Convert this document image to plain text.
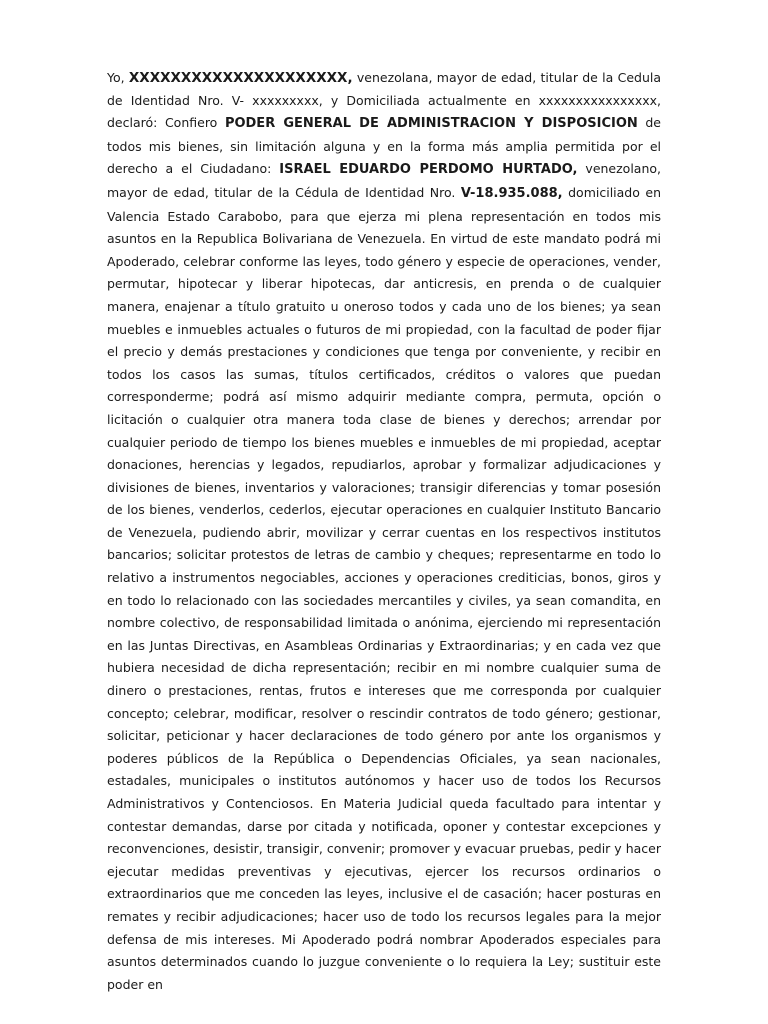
Yo, XXXXXXXXXXXXXXXXXXXXX, venezolana, mayor de edad, titular de la Cedula de Identidad Nro. V- xxxxxxxxx, y Domiciliada actualmente en xxxxxxxxxxxxxxxx, declaró: Confiero PODER GENERAL DE ADMINISTRACION Y DISPOSICION de todos mis bienes, sin limitación alguna y en la forma más amplia permitida por el derecho a el Ciudadano: ISRAEL EDUARDO PERDOMO HURTADO, venezolano, mayor de edad, titular de la Cédula de Identidad Nro. V-18.935.088, domiciliado en Valencia Estado Carabobo, para que ejerza mi plena representación en todos mis asuntos en la Republica Bolivariana de Venezuela. En virtud de este mandato podrá mi Apoderado, celebrar conforme las leyes, todo género y especie de operaciones, vender, permutar, hipotecar y liberar hipotecas, dar anticresis, en prenda o de cualquier manera, enajenar a título gratuito u oneroso todos y cada uno de los bienes; ya sean muebles e inmuebles actuales o futuros de mi propiedad, con la facultad de poder fijar el precio y demás prestaciones y condiciones que tenga por conveniente, y recibir en todos los casos las sumas, títulos certificados, créditos o valores que puedan corresponderme; podrá así mismo adquirir mediante compra, permuta, opción o licitación o cualquier otra manera toda clase de bienes y derechos; arrendar por cualquier periodo de tiempo los bienes muebles e inmuebles de mi propiedad, aceptar donaciones, herencias y legados, repudiarlos, aprobar y formalizar adjudicaciones y divisiones de bienes, inventarios y valoraciones; transigir diferencias y tomar posesión de los bienes, venderlos, cederlos, ejecutar operaciones en cualquier Instituto Bancario de Venezuela, pudiendo abrir, movilizar y cerrar cuentas en los respectivos institutos bancarios; solicitar protestos de letras de cambio y cheques; representarme en todo lo relativo a instrumentos negociables, acciones y operaciones crediticias, bonos, giros y en todo lo relacionado con las sociedades mercantiles y civiles, ya sean comandita, en nombre colectivo, de responsabilidad limitada o anónima, ejerciendo mi representación en las Juntas Directivas, en Asambleas Ordinarias y Extraordinarias; y en cada vez que hubiera necesidad de dicha representación; recibir en mi nombre cualquier suma de dinero o prestaciones, rentas, frutos e intereses que me corresponda por cualquier concepto; celebrar, modificar, resolver o rescindir contratos de todo género; gestionar, solicitar, peticionar y hacer declaraciones de todo género por ante los organismos y poderes públicos de la República o Dependencias Oficiales, ya sean nacionales, estadales, municipales o institutos autónomos y hacer uso de todos los Recursos Administrativos y Contenciosos. En Materia Judicial queda facultado para intentar y contestar demandas, darse por citada y notificada, oponer y contestar excepciones y reconvenciones, desistir, transigir, convenir; promover y evacuar pruebas, pedir y hacer ejecutar medidas preventivas y ejecutivas, ejercer los recursos ordinarios o extraordinarios que me conceden las leyes, inclusive el de casación; hacer posturas en remates y recibir adjudicaciones; hacer uso de todo los recursos legales para la mejor defensa de mis intereses. Mi Apoderado podrá nombrar Apoderados especiales para asuntos determinados cuando lo juzgue conveniente o lo requiera la Ley; sustituir este poder en
